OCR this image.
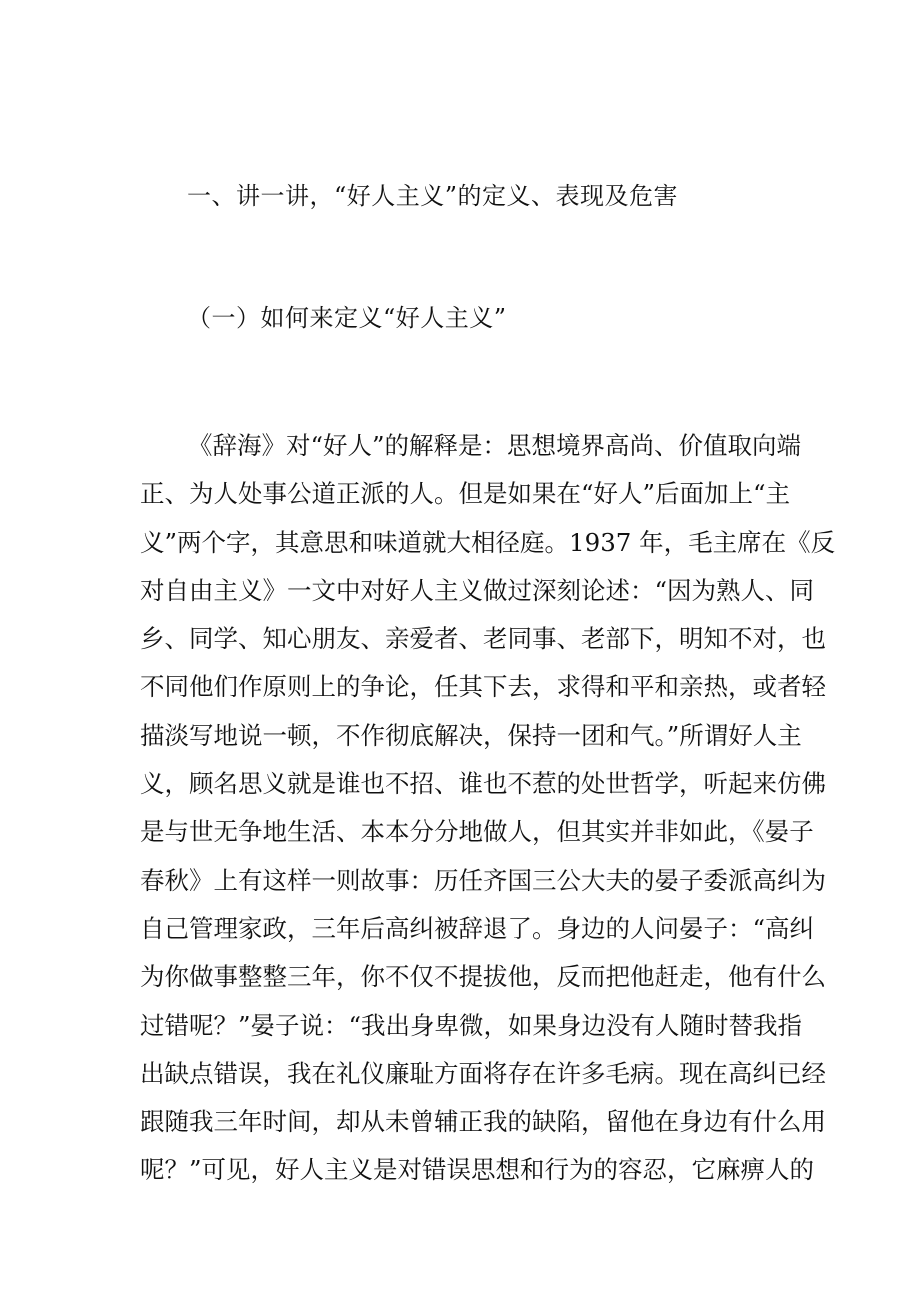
一、讲一讲，“好人主义”的定义、表现及危害
（一）如何来定义“好人主义”
《辞海》对“好人”的解释是：思想境界高尚、价值取向端
正、为人处事公道正派的人。但是如果在“好人”后面加上“主
义”两个字，其意思和味道就大相径庭。1937 年，毛主席在《反
对自由主义》一文中对好人主义做过深刻论述：“因为熟人、同
乡、同学、知心朋友、亲爱者、老同事、老部下，明知不对，也
不同他们作原则上的争论，任其下去，求得和平和亲热，或者轻
描淡写地说一顿，不作彻底解决，保持一团和气。”所谓好人主
义，顾名思义就是谁也不招、谁也不惹的处世哲学，听起来仿佛
是与世无争地生活、本本分分地做人，但其实并非如此，《晏子
春秋》上有这样一则故事：历任齐国三公大夫的晏子委派高纠为
自己管理家政，三年后高纠被辞退了。身边的人问晏子：“高纠
为你做事整整三年，你不仅不提拔他，反而把他赶走，他有什么
过错呢？”晏子说：“我出身卑微，如果身边没有人随时替我指
出缺点错误，我在礼仪廉耻方面将存在许多毛病。现在高纠已经
跟随我三年时间，却从未曾辅正我的缺陷，留他在身边有什么用
呢？”可见，好人主义是对错误思想和行为的容忍，它麻痹人的
